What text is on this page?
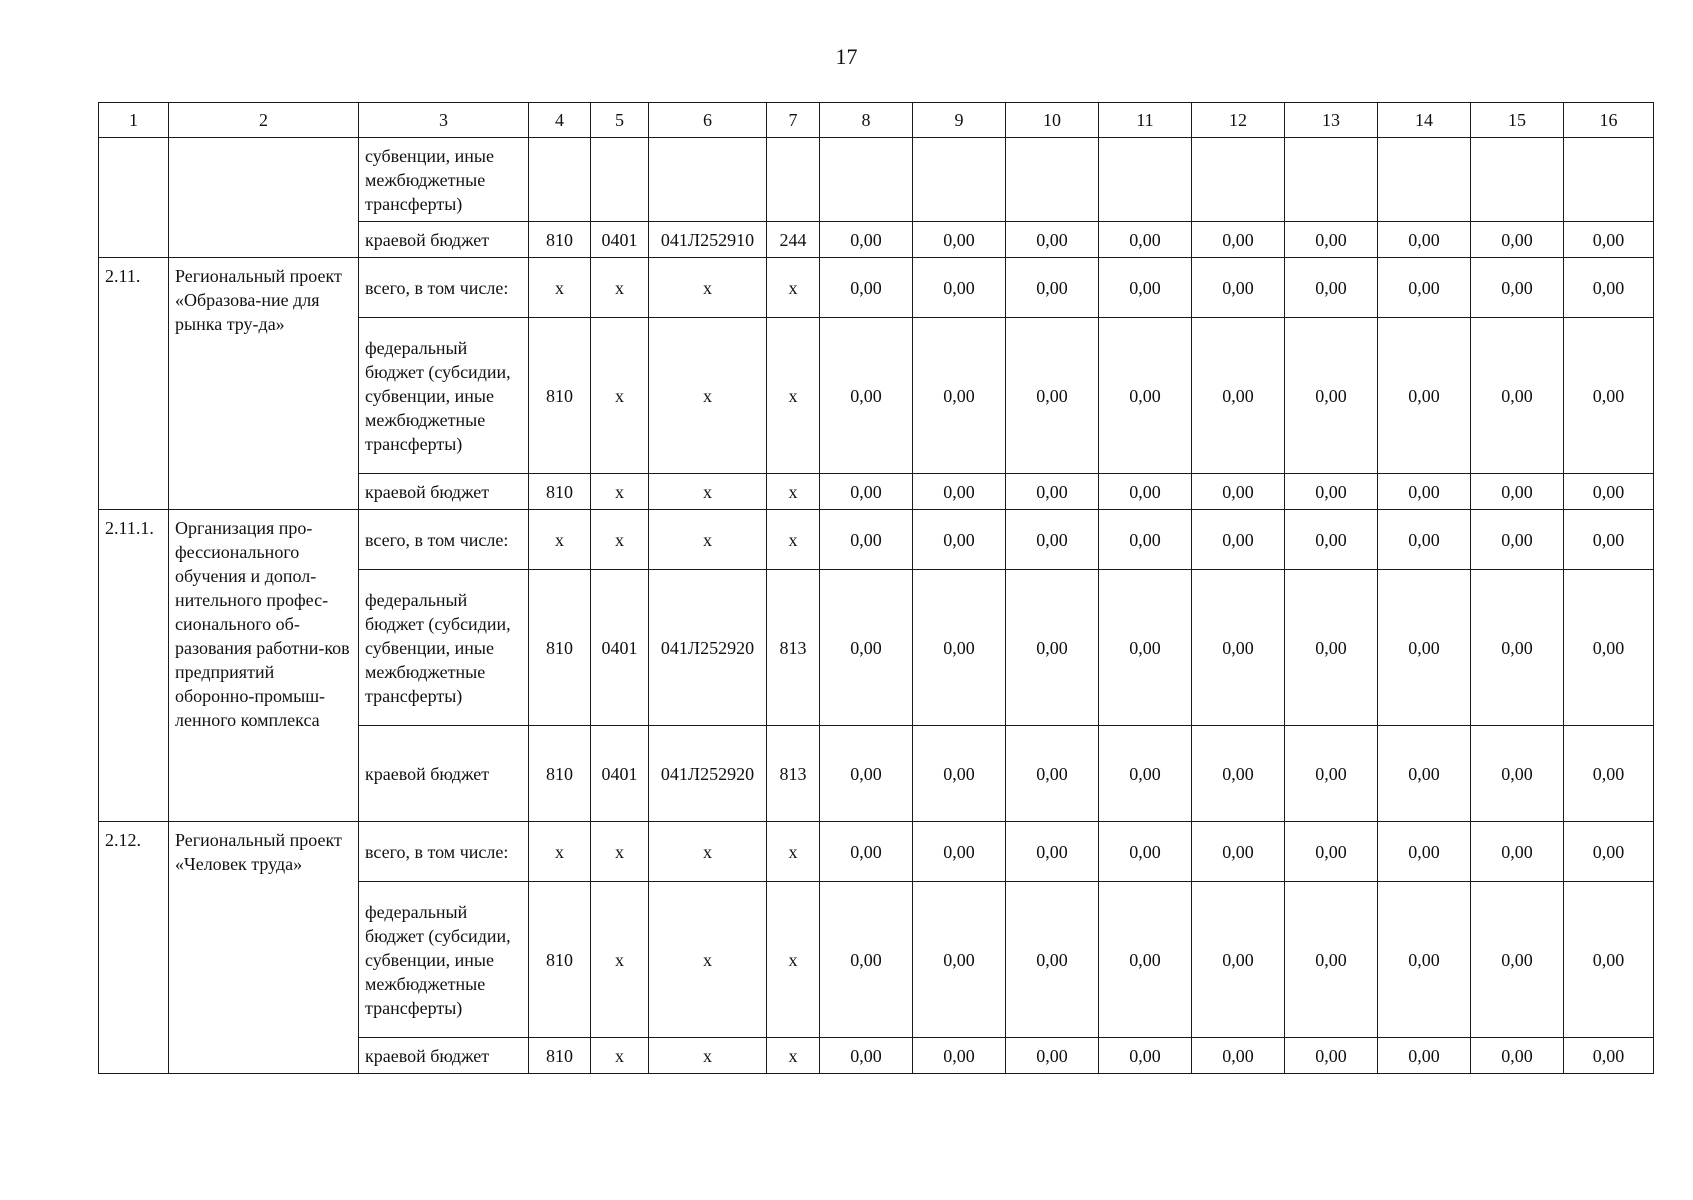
17
1	2	3	4	5	6	7	8	9	10	11	12	13	14	15	16
		субвенции, иные межбюджетные трансферты)													
		краевой бюджет	810	0401	041Л252910	244	0,00	0,00	0,00	0,00	0,00	0,00	0,00	0,00	0,00
2.11.	Региональный проект «Образова-ние для рынка тру-да»	всего, в том числе:	х	х	х	х	0,00	0,00	0,00	0,00	0,00	0,00	0,00	0,00	0,00
		федеральный бюджет (субсидии, субвенции, иные межбюджетные трансферты)	810	х	х	х	0,00	0,00	0,00	0,00	0,00	0,00	0,00	0,00	0,00
		краевой бюджет	810	х	х	х	0,00	0,00	0,00	0,00	0,00	0,00	0,00	0,00	0,00
2.11.1.	Организация про-фессионального обучения и допол-нительного профес-сионального об-разования работни-ков предприятий оборонно-промыш-ленного комплекса	всего, в том числе:	х	х	х	х	0,00	0,00	0,00	0,00	0,00	0,00	0,00	0,00	0,00
		федеральный бюджет (субсидии, субвенции, иные межбюджетные трансферты)	810	0401	041Л252920	813	0,00	0,00	0,00	0,00	0,00	0,00	0,00	0,00	0,00
		краевой бюджет	810	0401	041Л252920	813	0,00	0,00	0,00	0,00	0,00	0,00	0,00	0,00	0,00
2.12.	Региональный проект «Человек труда»	всего, в том числе:	х	х	х	х	0,00	0,00	0,00	0,00	0,00	0,00	0,00	0,00	0,00
		федеральный бюджет (субсидии, субвенции, иные межбюджетные трансферты)	810	х	х	х	0,00	0,00	0,00	0,00	0,00	0,00	0,00	0,00	0,00
		краевой бюджет	810	х	х	х	0,00	0,00	0,00	0,00	0,00	0,00	0,00	0,00	0,00
